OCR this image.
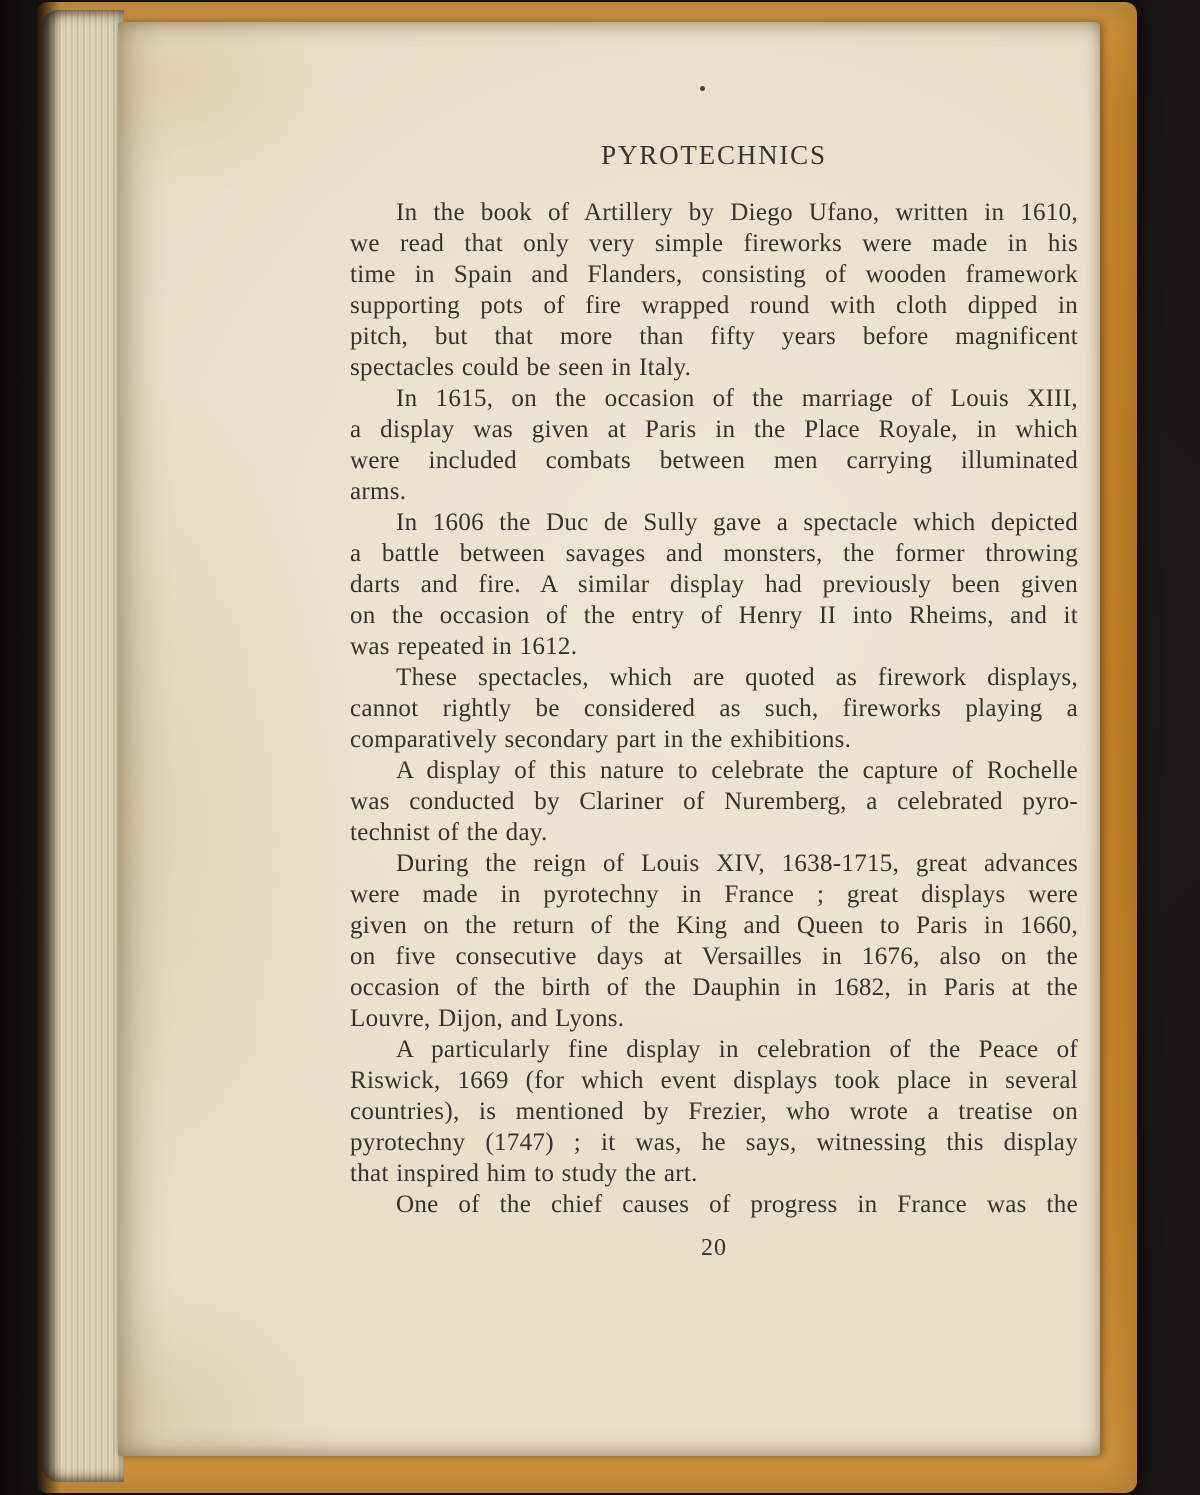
PYROTECHNICS
In the book of Artillery by Diego Ufano, written in 1610,
we read that only very simple fireworks were made in his
time in Spain and Flanders, consisting of wooden framework
supporting pots of fire wrapped round with cloth dipped in
pitch, but that more than fifty years before magnificent
spectacles could be seen in Italy.
In 1615, on the occasion of the marriage of Louis XIII,
a display was given at Paris in the Place Royale, in which
were included combats between men carrying illuminated
arms.
In 1606 the Duc de Sully gave a spectacle which depicted
a battle between savages and monsters, the former throwing
darts and fire. A similar display had previously been given
on the occasion of the entry of Henry II into Rheims, and it
was repeated in 1612.
These spectacles, which are quoted as firework displays,
cannot rightly be considered as such, fireworks playing a
comparatively secondary part in the exhibitions.
A display of this nature to celebrate the capture of Rochelle
was conducted by Clariner of Nuremberg, a celebrated pyro-
technist of the day.
During the reign of Louis XIV, 1638-1715, great advances
were made in pyrotechny in France ; great displays were
given on the return of the King and Queen to Paris in 1660,
on five consecutive days at Versailles in 1676, also on the
occasion of the birth of the Dauphin in 1682, in Paris at the
Louvre, Dijon, and Lyons.
A particularly fine display in celebration of the Peace of
Riswick, 1669 (for which event displays took place in several
countries), is mentioned by Frezier, who wrote a treatise on
pyrotechny (1747) ; it was, he says, witnessing this display
that inspired him to study the art.
One of the chief causes of progress in France was the
20
